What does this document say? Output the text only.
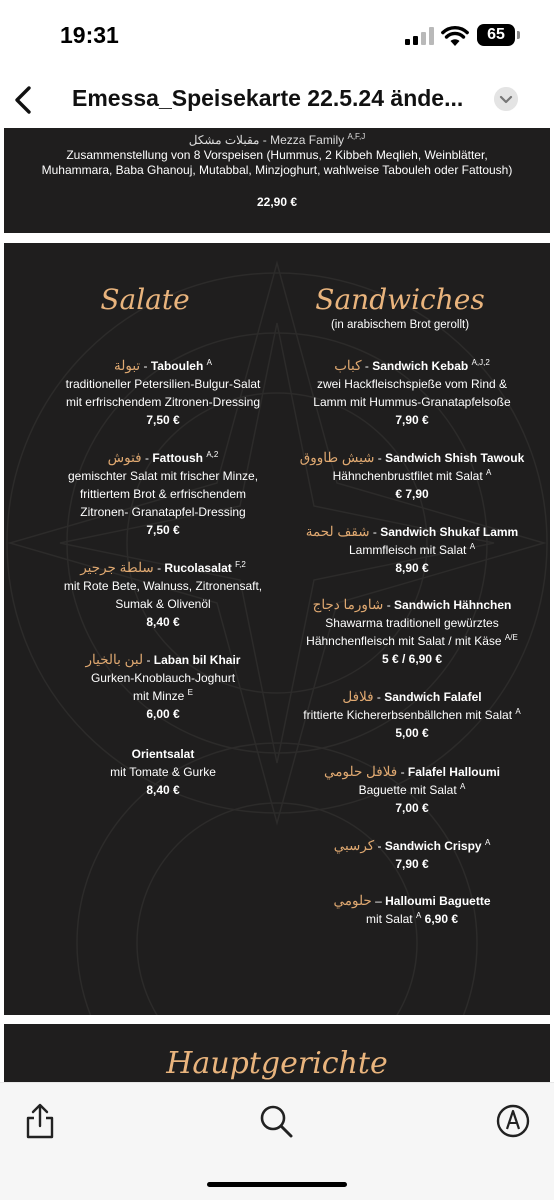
19:31	65
Emessa_Speisekarte 22.5.24 ände...
مقبلات مشكل - Mezza Family $^{A,F,J}$
Zusammenstellung von 8 Vorspeisen (Hummus, 2 Kibbeh Meqlieh, Weinblätter, Muhammara, Baba Ghanouj, Mutabbal, Minzjoghurt, wahlweise Tabouleh oder Fattoush)
22,90 €
Salate	Sandwiches
(in arabischem Brot gerollt)
تبولة - Tabouleh $^A$
traditioneller Petersilien-Bulgur-Salat
mit erfrischendem Zitronen-Dressing
7,50 €
فتوش - Fattoush $^{A,2}$
gemischter Salat mit frischer Minze,
frittiertem Brot & erfrischendem
Zitronen- Granatapfel-Dressing
7,50 €
سلطة جرجير - Rucolasalat $^{F,2}$
mit Rote Bete, Walnuss, Zitronensaft,
Sumak & Olivenöl
8,40 €
لبن بالخيار - Laban bil Khair
Gurken-Knoblauch-Joghurt
mit Minze $^E$
6,00 €
Orientsalat
mit Tomate & Gurke
8,40 €
كباب - Sandwich Kebab $^{A,J,2}$
zwei Hackfleischspieße vom Rind &
Lamm mit Hummus-Granatapfelsoße
7,90 €
شيش طاووق - Sandwich Shish Tawouk
Hähnchenbrustfilet mit Salat $^A$
€ 7,90
شقف لحمة - Sandwich Shukaf Lamm
Lammfleisch mit Salat $^A$
8,90 €
شاورما دجاج - Sandwich Hähnchen
Shawarma traditionell gewürztes
Hähnchenfleisch mit Salat / mit Käse $^{A/E}$
5 € / 6,90 €
فلافل - Sandwich Falafel
frittierte Kichererbsenbällchen mit Salat $^A$
5,00 €
فلافل حلومي - Falafel Halloumi
Baguette mit Salat $^A$
7,00 €
كرسبي - Sandwich Crispy $^A$
7,90 €
حلومي – Halloumi Baguette
mit Salat $^A$ 6,90 €
Hauptgerichte
